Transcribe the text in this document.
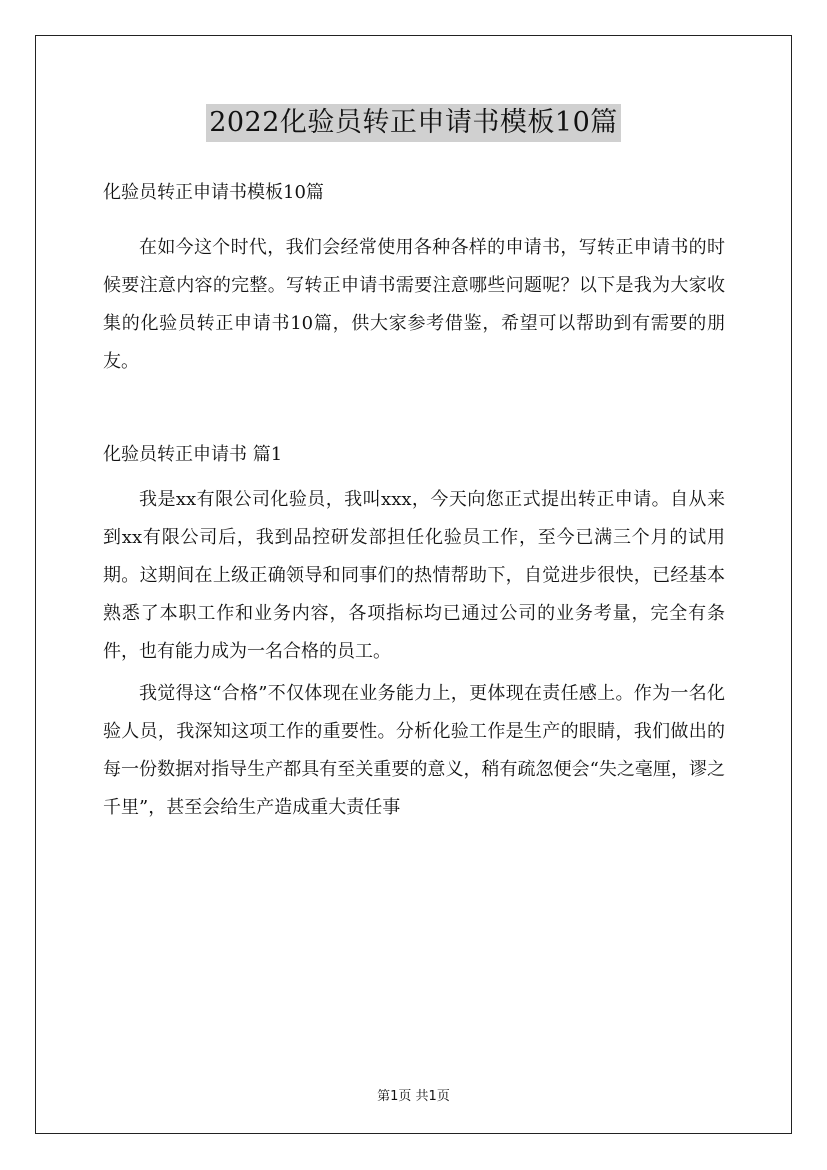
2022化验员转正申请书模板10篇
化验员转正申请书模板10篇

在如今这个时代，我们会经常使用各种各样的申请书，写转正申请书的时候要注意内容的完整。写转正申请书需要注意哪些问题呢？以下是我为大家收集的化验员转正申请书10篇，供大家参考借鉴，希望可以帮助到有需要的朋友。

化验员转正申请书 篇1

我是xx有限公司化验员，我叫xxx，今天向您正式提出转正申请。自从来到xx有限公司后，我到品控研发部担任化验员工作，至今已满三个月的试用期。这期间在上级正确领导和同事们的热情帮助下，自觉进步很快，已经基本熟悉了本职工作和业务内容，各项指标均已通过公司的业务考量，完全有条件，也有能力成为一名合格的员工。

我觉得这“合格”不仅体现在业务能力上，更体现在责任感上。作为一名化验人员，我深知这项工作的重要性。分析化验工作是生产的眼睛，我们做出的每一份数据对指导生产都具有至关重要的意义，稍有疏忽便会“失之毫厘，谬之千里”，甚至会给生产造成重大责任事

第1页 共1页
